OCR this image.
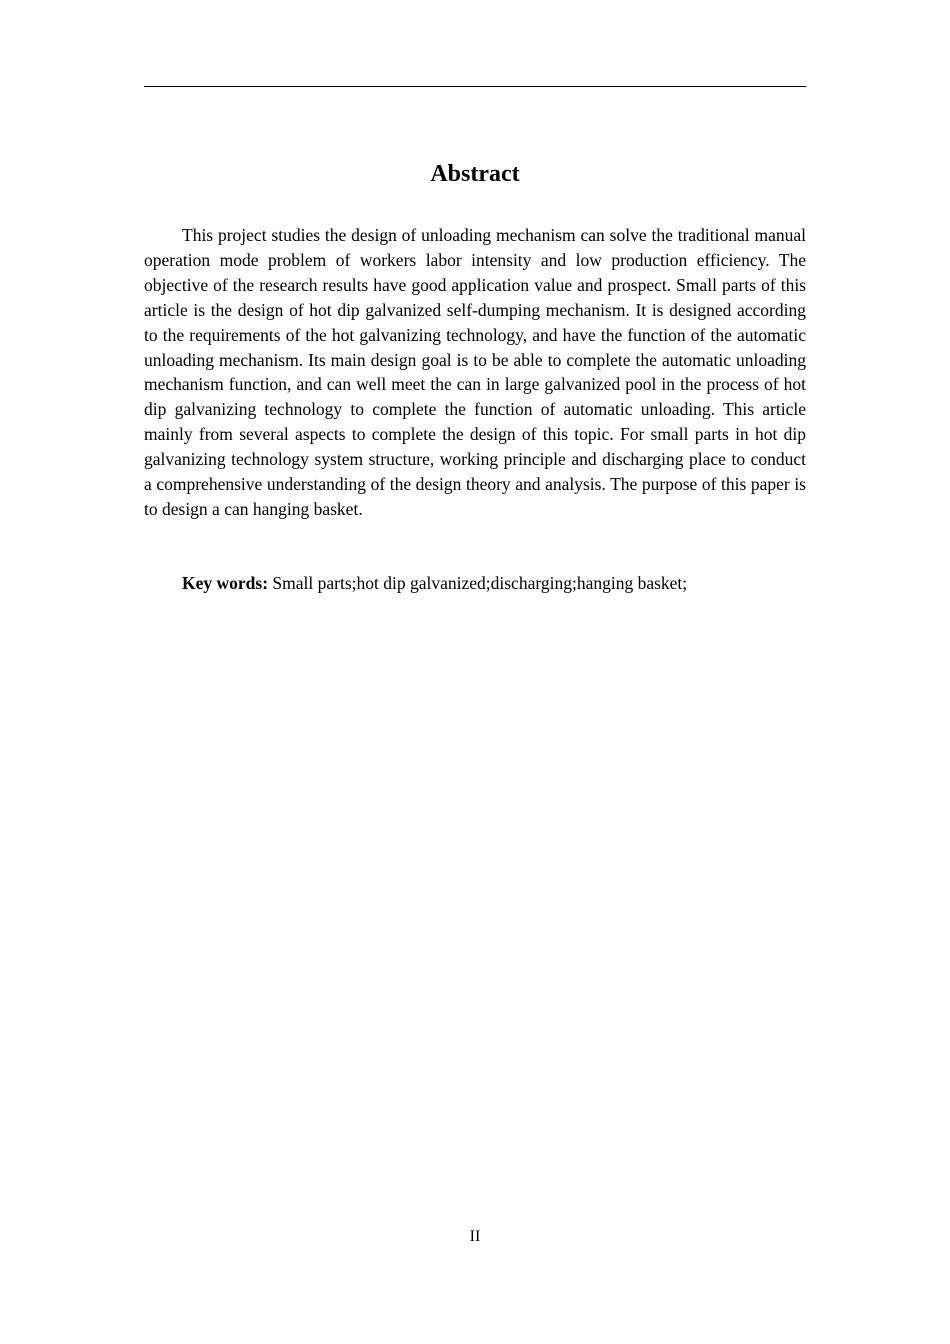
Abstract

This project studies the design of unloading mechanism can solve the traditional manual operation mode problem of workers labor intensity and low production efficiency. The objective of the research results have good application value and prospect. Small parts of this article is the design of hot dip galvanized self-dumping mechanism. It is designed according to the requirements of the hot galvanizing technology, and have the function of the automatic unloading mechanism. Its main design goal is to be able to complete the automatic unloading mechanism function, and can well meet the can in large galvanized pool in the process of hot dip galvanizing technology to complete the function of automatic unloading. This article mainly from several aspects to complete the design of this topic. For small parts in hot dip galvanizing technology system structure, working principle and discharging place to conduct a comprehensive understanding of the design theory and analysis. The purpose of this paper is to design a can hanging basket.

Key words: Small parts;hot dip galvanized;discharging;hanging basket;

II
